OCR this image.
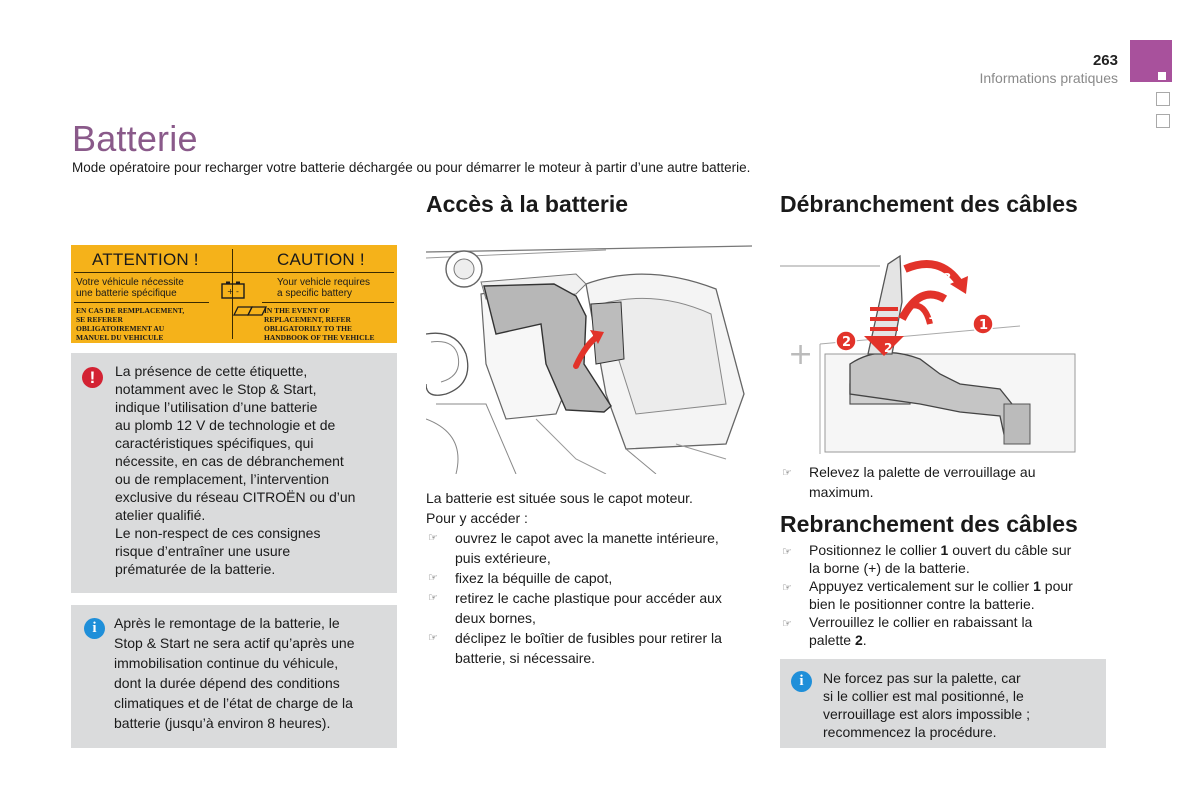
263
Informations pratiques
Batterie
Mode opératoire pour recharger votre batterie déchargée ou pour démarrer le moteur à partir d’une autre batterie.
Accès à la batterie	Débranchement des câbles
ATTENTION !	CAUTION !
Votre véhicule nécessite
une batterie spécifique
Your vehicle requires
a specific battery
+ -
EN CAS DE REMPLACEMENT,
SE REFERER
OBLIGATOIREMENT AU
MANUEL DU VEHICULE
IN THE EVENT OF
REPLACEMENT, REFER
OBLIGATORILY TO THE
HANDBOOK OF THE VEHICLE
!	La présence de cette étiquette,
notamment avec le Stop & Start,
indique l’utilisation d’une batterie
au plomb 12 V de technologie et de
caractéristiques spécifiques, qui
nécessite, en cas de débranchement
ou de remplacement, l’intervention
exclusive du réseau CITROËN ou d’un
atelier qualifié.
Le non-respect de ces consignes
risque d’entraîner une usure
prématurée de la batterie.
i	Après le remontage de la batterie, le
Stop & Start ne sera actif qu’après une
immobilisation continue du véhicule,
dont la durée dépend des conditions
climatiques et de l’état de charge de la
batterie (jusqu’à environ 8 heures).
La batterie est située sous le capot moteur.
Pour y accéder :
☞ ouvrez le capot avec la manette intérieure,
puis extérieure,
☞ fixez la béquille de capot,
☞ retirez le cache plastique pour accéder aux
deux bornes,
☞ déclipez le boîtier de fusibles pour retirer la
batterie, si nécessaire.
+ 2
1
3
1
2
☞ Relevez la palette de verrouillage au
maximum.
Rebranchement des câbles
☞ Positionnez le collier 1 ouvert du câble sur
la borne (+) de la batterie.
☞ Appuyez verticalement sur le collier 1 pour
bien le positionner contre la batterie.
☞ Verrouillez le collier en rabaissant la
palette 2.
i	Ne forcez pas sur la palette, car
si le collier est mal positionné, le
verrouillage est alors impossible ;
recommencez la procédure.
